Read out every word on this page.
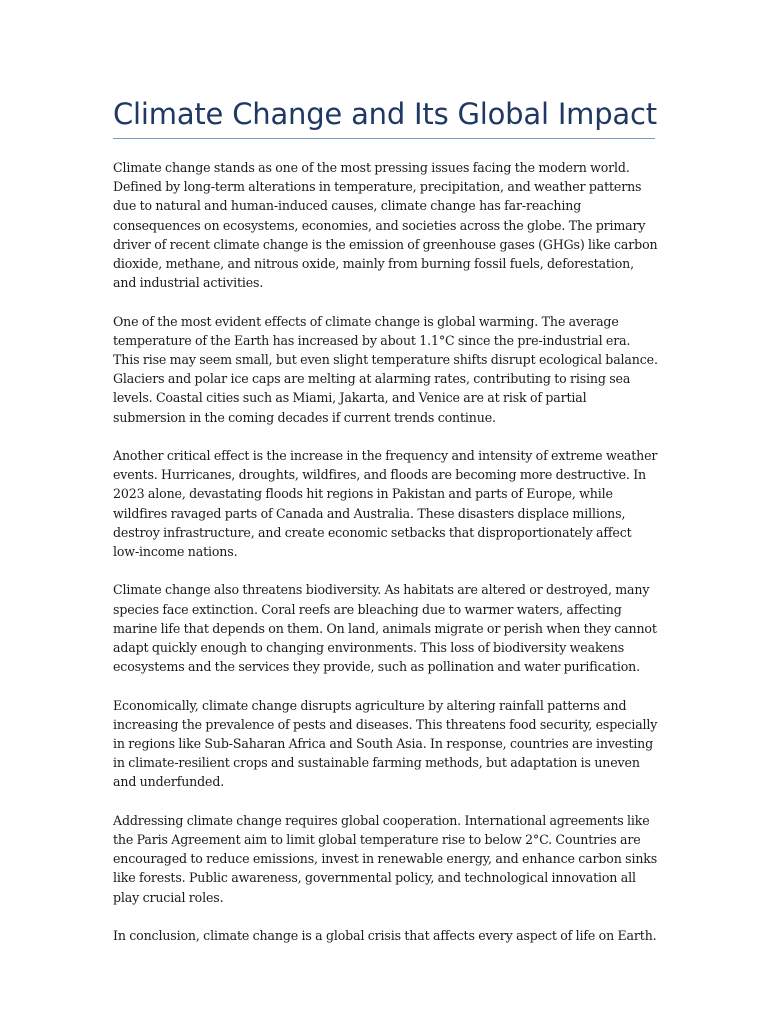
Climate Change and Its Global Impact

Climate change stands as one of the most pressing issues facing the modern world. Defined by long-term alterations in temperature, precipitation, and weather patterns due to natural and human-induced causes, climate change has far-reaching consequences on ecosystems, economies, and societies across the globe. The primary driver of recent climate change is the emission of greenhouse gases (GHGs) like carbon dioxide, methane, and nitrous oxide, mainly from burning fossil fuels, deforestation, and industrial activities.

One of the most evident effects of climate change is global warming. The average temperature of the Earth has increased by about 1.1°C since the pre-industrial era. This rise may seem small, but even slight temperature shifts disrupt ecological balance. Glaciers and polar ice caps are melting at alarming rates, contributing to rising sea levels. Coastal cities such as Miami, Jakarta, and Venice are at risk of partial submersion in the coming decades if current trends continue.

Another critical effect is the increase in the frequency and intensity of extreme weather events. Hurricanes, droughts, wildfires, and floods are becoming more destructive. In 2023 alone, devastating floods hit regions in Pakistan and parts of Europe, while wildfires ravaged parts of Canada and Australia. These disasters displace millions, destroy infrastructure, and create economic setbacks that disproportionately affect low-income nations.

Climate change also threatens biodiversity. As habitats are altered or destroyed, many species face extinction. Coral reefs are bleaching due to warmer waters, affecting marine life that depends on them. On land, animals migrate or perish when they cannot adapt quickly enough to changing environments. This loss of biodiversity weakens ecosystems and the services they provide, such as pollination and water purification.

Economically, climate change disrupts agriculture by altering rainfall patterns and increasing the prevalence of pests and diseases. This threatens food security, especially in regions like Sub-Saharan Africa and South Asia. In response, countries are investing in climate-resilient crops and sustainable farming methods, but adaptation is uneven and underfunded.

Addressing climate change requires global cooperation. International agreements like the Paris Agreement aim to limit global temperature rise to below 2°C. Countries are encouraged to reduce emissions, invest in renewable energy, and enhance carbon sinks like forests. Public awareness, governmental policy, and technological innovation all play crucial roles.

In conclusion, climate change is a global crisis that affects every aspect of life on Earth.
